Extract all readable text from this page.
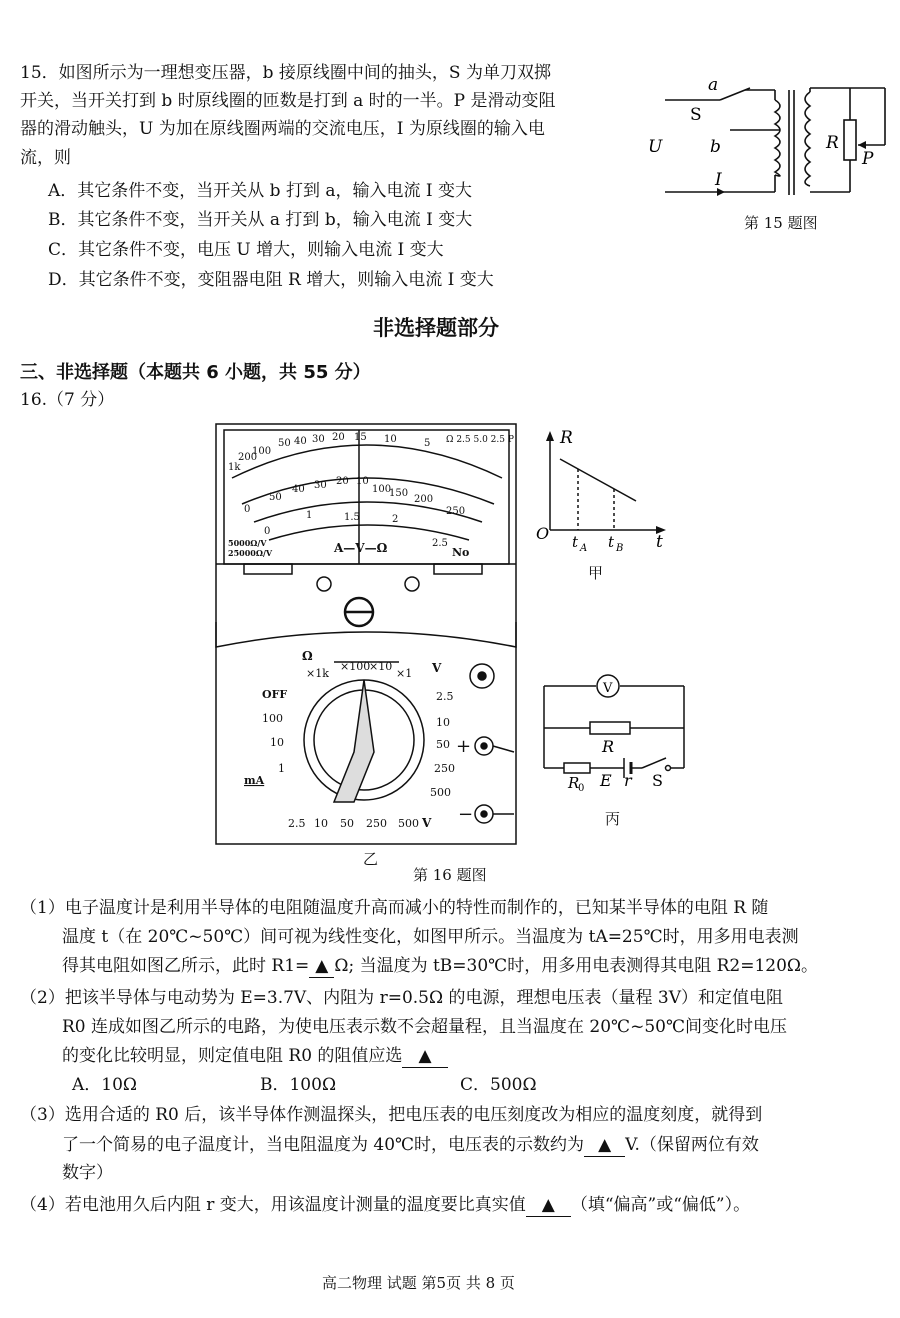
15．如图所示为一理想变压器，b 接原线圈中间的抽头，S 为单刀双掷
开关，当开关打到 b 时原线圈的匝数是打到 a 时的一半。P 是滑动变阻
器的滑动触头，U 为加在原线圈两端的交流电压，I 为原线圈的输入电
流，则
A．其它条件不变，当开关从 b 打到 a，输入电流 I 变大
B．其它条件不变，当开关从 a 打到 b，输入电流 I 变大
C．其它条件不变，电压 U 增大，则输入电流 I 变大
D．其它条件不变，变阻器电阻 R 增大，则输入电流 I 变大
a
S
U	b
I
R
P
第 15 题图
非选择题部分
三、非选择题（本题共 6 小题，共 55 分）
16.（7 分）
1k
200
100
50 40 30 20 15 10	5 Ω 2.5 5.0 2.5 P
50
40 30 20 10
0
100
150
200
250
0
1	1.5	2
2.5
5000Ω/V
25000Ω/V	A—V—Ω	No
Ω
×1k
×100
×10
×1 V
2.5
10
50
250
500
OFF
100
10
1
mA
2.5 10 50 250 500 V
+
−
乙
R
O	t
t A t B
甲
V
R
R
0 E r S
丙
第 16 题图
（1）电子温度计是利用半导体的电阻随温度升高而减小的特性而制作的，已知某半导体的电阻 R 随
温度 t（在 20℃~50℃）间可视为线性变化，如图甲所示。当温度为 tA=25℃时，用多用电表测
得其电阻如图乙所示，此时 R1= ▲ Ω; 当温度为 tB=30℃时，用多用电表测得其电阻 R2=120Ω。
（2）把该半导体与电动势为 E=3.7V、内阻为 r=0.5Ω 的电源，理想电压表（量程 3V）和定值电阻
R0 连成如图乙所示的电路，为使电压表示数不会超量程，且当温度在 20℃~50℃间变化时电压
的变化比较明显，则定值电阻 R0 的阻值应选 ▲
A．10Ω	B．100Ω	C．500Ω
（3）选用合适的 R0 后，该半导体作测温探头，把电压表的电压刻度改为相应的温度刻度，就得到
了一个简易的电子温度计，当电阻温度为 40℃时，电压表的示数约为 ▲ V.（保留两位有效
数字）
（4）若电池用久后内阻 r 变大，用该温度计测量的温度要比真实值 ▲ （填“偏高”或“偏低”）。
高二物理 试题 第5页 共 8 页
